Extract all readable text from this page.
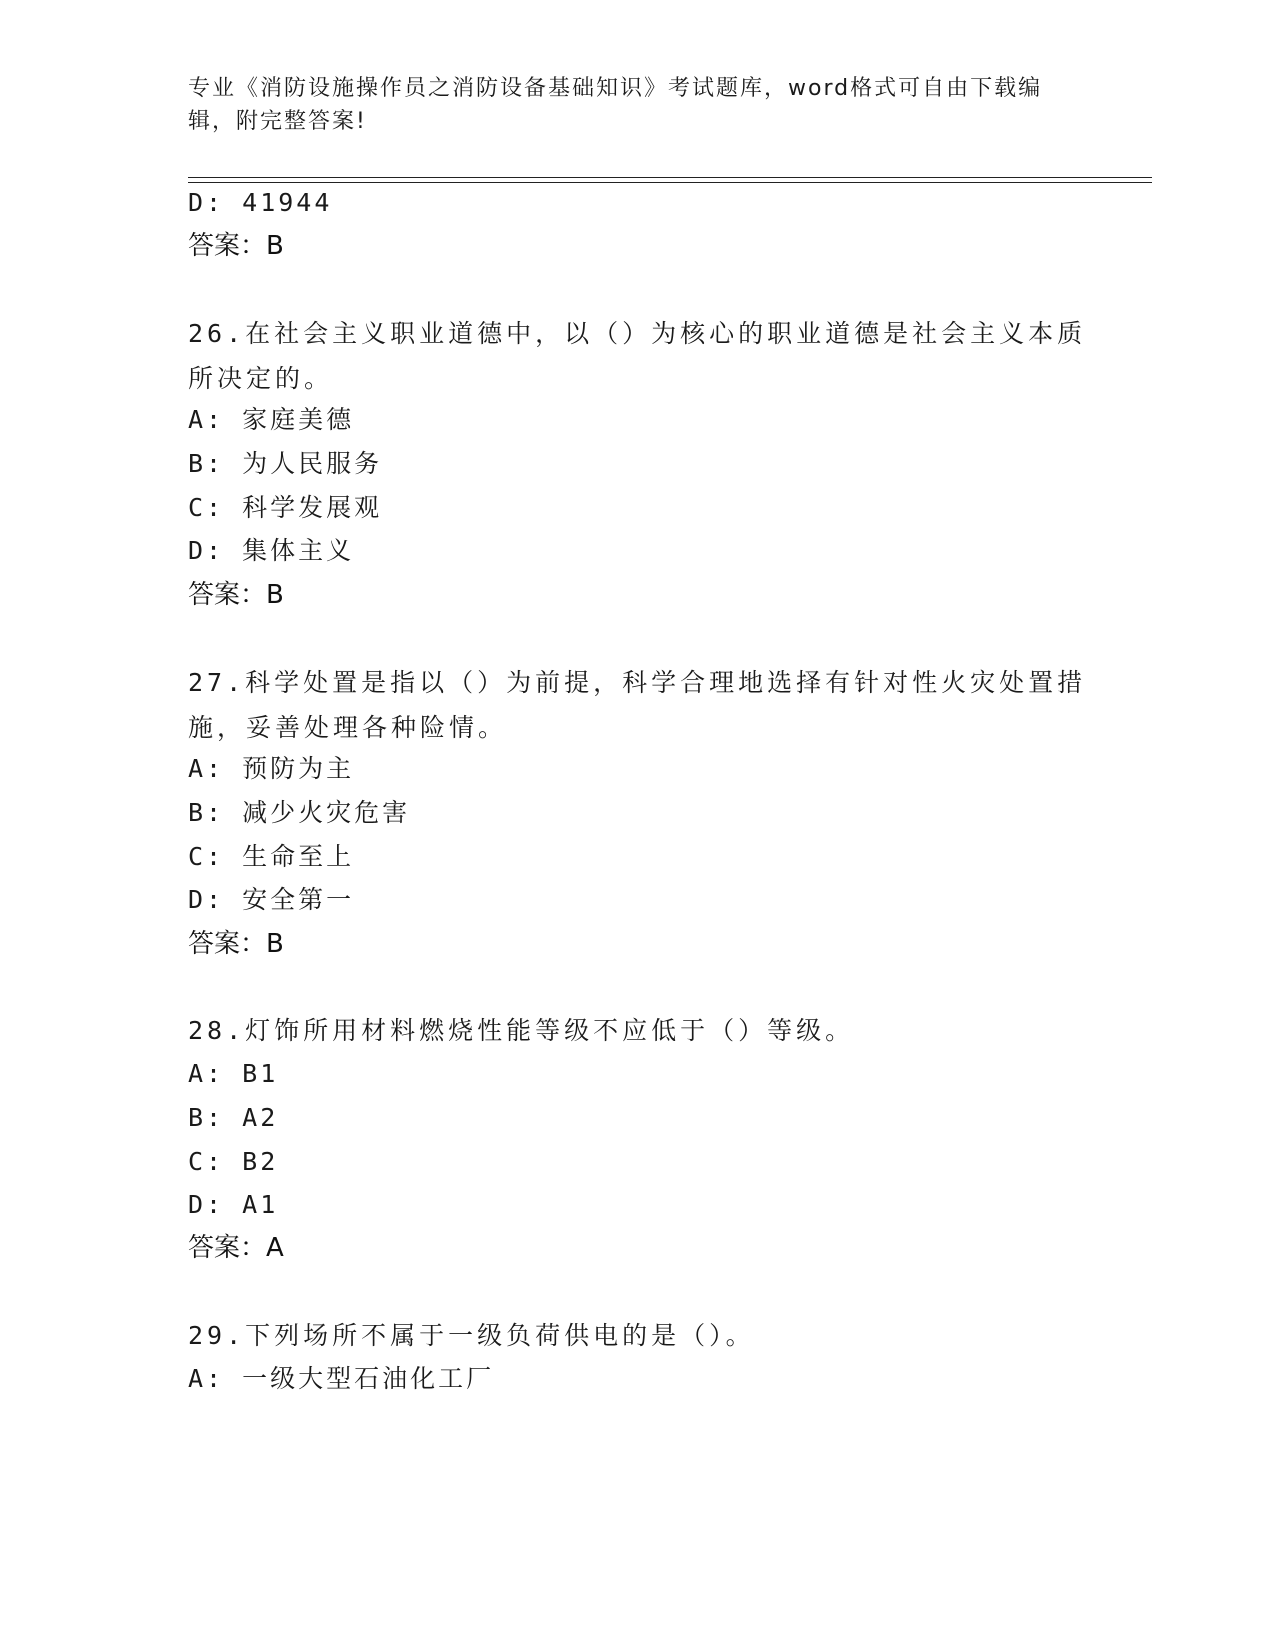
专业《消防设施操作员之消防设备基础知识》考试题库，word格式可自由下载编辑，附完整答案!

D: 41944
答案：B

26.在社会主义职业道德中，以（）为核心的职业道德是社会主义本质所决定的。

A: 家庭美德
B: 为人民服务
C: 科学发展观
D: 集体主义
答案：B

27.科学处置是指以（）为前提，科学合理地选择有针对性火灾处置措施，妥善处理各种险情。

A: 预防为主
B: 减少火灾危害
C: 生命至上
D: 安全第一
答案：B

28.灯饰所用材料燃烧性能等级不应低于（）等级。

A: B1
B: A2
C: B2
D: A1
答案：A

29.下列场所不属于一级负荷供电的是（）。

A: 一级大型石油化工厂
